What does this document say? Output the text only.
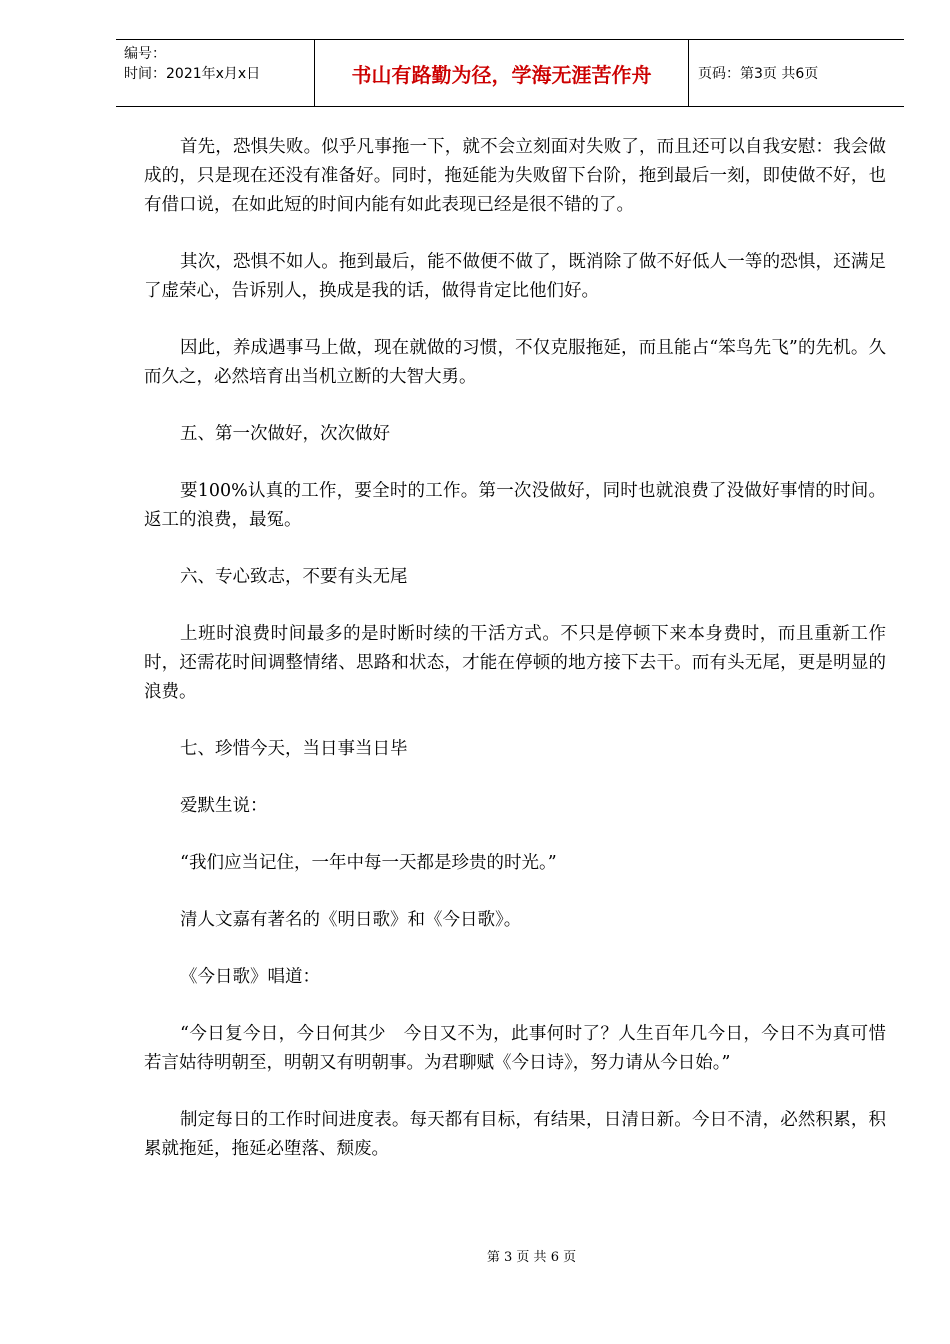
编号：
时间：2021年x月x日	书山有路勤为径，学海无涯苦作舟	页码：第3页 共6页

首先，恐惧失败。似乎凡事拖一下，就不会立刻面对失败了，而且还可以自我安慰：我会做成的，只是现在还没有准备好。同时，拖延能为失败留下台阶，拖到最后一刻，即使做不好，也有借口说，在如此短的时间内能有如此表现已经是很不错的了。

其次，恐惧不如人。拖到最后，能不做便不做了，既消除了做不好低人一等的恐惧，还满足了虚荣心，告诉别人，换成是我的话，做得肯定比他们好。

因此，养成遇事马上做，现在就做的习惯，不仅克服拖延，而且能占“笨鸟先飞”的先机。久而久之，必然培育出当机立断的大智大勇。

五、第一次做好，次次做好

要100%认真的工作，要全时的工作。第一次没做好，同时也就浪费了没做好事情的时间。返工的浪费，最冤。

六、专心致志，不要有头无尾

上班时浪费时间最多的是时断时续的干活方式。不只是停顿下来本身费时，而且重新工作时，还需花时间调整情绪、思路和状态，才能在停顿的地方接下去干。而有头无尾，更是明显的浪费。

七、珍惜今天，当日事当日毕

爱默生说：

“我们应当记住，一年中每一天都是珍贵的时光。”

清人文嘉有著名的《明日歌》和《今日歌》。

《今日歌》唱道：

“今日复今日，今日何其少　今日又不为，此事何时了？人生百年几今日，今日不为真可惜　若言姑待明朝至，明朝又有明朝事。为君聊赋《今日诗》，努力请从今日始。”

制定每日的工作时间进度表。每天都有目标，有结果，日清日新。今日不清，必然积累，积累就拖延，拖延必堕落、颓废。

第 3 页 共 6 页
